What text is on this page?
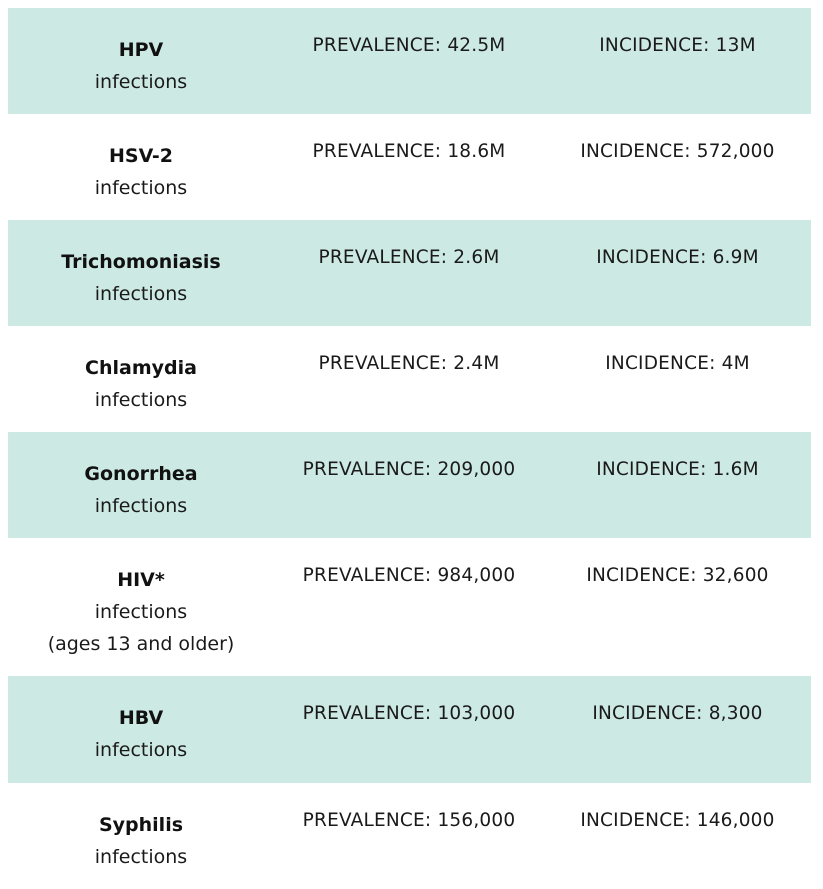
HPV
infections
PREVALENCE: 42.5M	INCIDENCE: 13M
HSV-2
infections
PREVALENCE: 18.6M	INCIDENCE: 572,000
Trichomoniasis
infections
PREVALENCE: 2.6M	INCIDENCE: 6.9M
Chlamydia
infections
PREVALENCE: 2.4M	INCIDENCE: 4M
Gonorrhea
infections
PREVALENCE: 209,000	INCIDENCE: 1.6M
HIV*
infections
(ages 13 and older)
PREVALENCE: 984,000	INCIDENCE: 32,600
HBV
infections
PREVALENCE: 103,000	INCIDENCE: 8,300
Syphilis
infections
PREVALENCE: 156,000	INCIDENCE: 146,000
